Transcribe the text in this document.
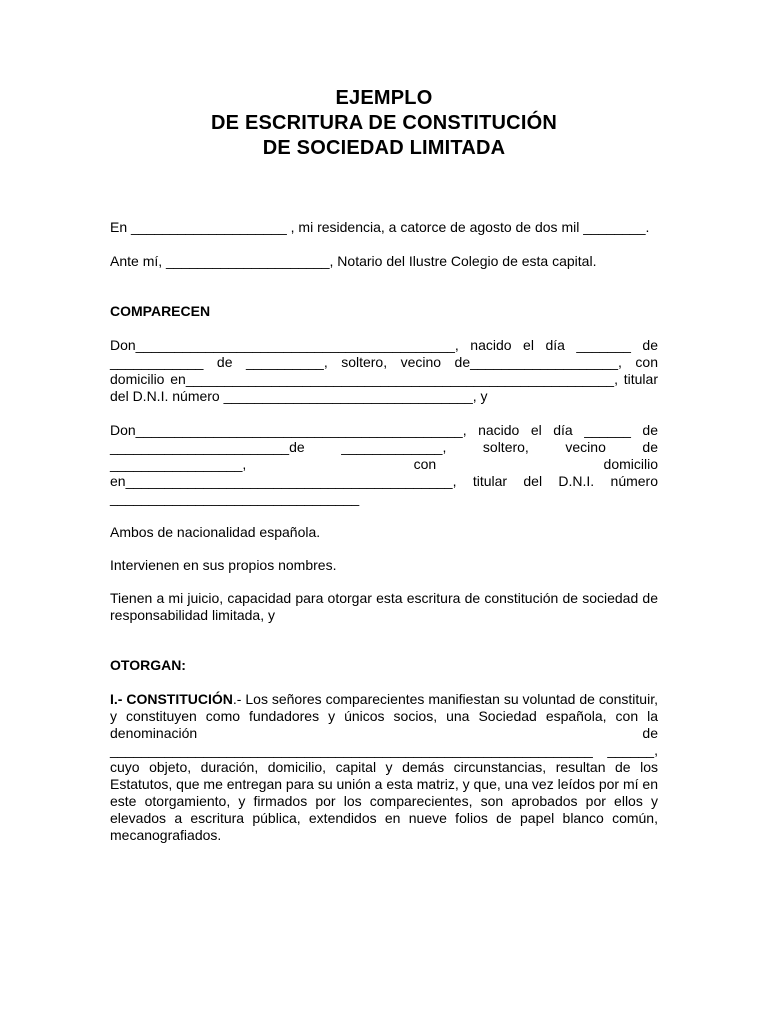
EJEMPLO
DE ESCRITURA DE CONSTITUCIÓN
DE SOCIEDAD LIMITADA

En ____________________ , mi residencia, a catorce de agosto de dos mil ________.

Ante mí, _____________________, Notario del Ilustre Colegio de esta capital.

COMPARECEN

Don_________________________________________, nacido el día _______ de ____________ de __________, soltero, vecino de___________________, con domicilio en_______________________________________________________, titular del D.N.I. número ________________________________, y

Don__________________________________________, nacido el día ______ de _______________________de _____________, soltero, vecino de _________________, con domicilio en__________________________________________, titular del D.N.I. número ________________________________

Ambos de nacionalidad española.

Intervienen en sus propios nombres.

Tienen a mi juicio, capacidad para otorgar esta escritura de constitución de sociedad de responsabilidad limitada, y

OTORGAN:

I.- CONSTITUCIÓN.- Los señores comparecientes manifiestan su voluntad de constituir, y constituyen como fundadores y únicos socios, una Sociedad española, con la denominación de ______________________________________________________________ ______, cuyo objeto, duración, domicilio, capital y demás circunstancias, resultan de los Estatutos, que me entregan para su unión a esta matriz, y que, una vez leídos por mí en este otorgamiento, y firmados por los comparecientes, son aprobados por ellos y elevados a escritura pública, extendidos en nueve folios de papel blanco común, mecanografiados.
